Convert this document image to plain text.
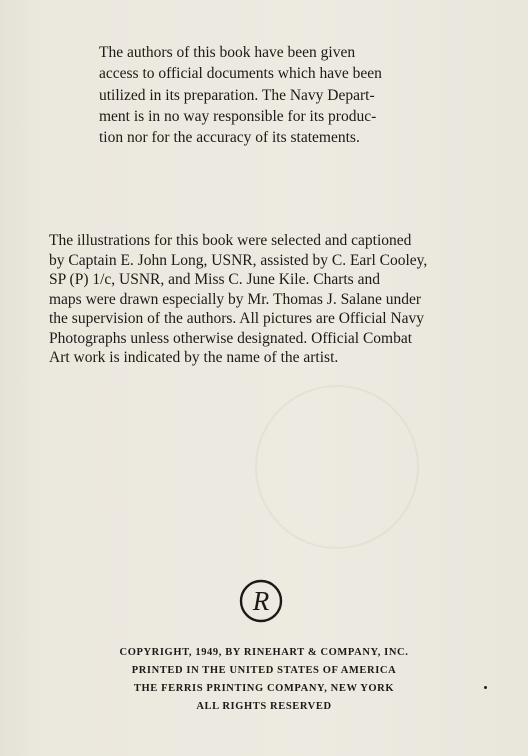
The authors of this book have been given
access to official documents which have been
utilized in its preparation. The Navy Depart-
ment is in no way responsible for its produc-
tion nor for the accuracy of its statements.

The illustrations for this book were selected and captioned
by Captain E. John Long, USNR, assisted by C. Earl Cooley,
SP (P) 1/c, USNR, and Miss C. June Kile. Charts and
maps were drawn especially by Mr. Thomas J. Salane under
the supervision of the authors. All pictures are Official Navy
Photographs unless otherwise designated. Official Combat
Art work is indicated by the name of the artist.

R
COPYRIGHT, 1949, BY RINEHART & COMPANY, INC.
PRINTED IN THE UNITED STATES OF AMERICA
THE FERRIS PRINTING COMPANY, NEW YORK
ALL RIGHTS RESERVED
